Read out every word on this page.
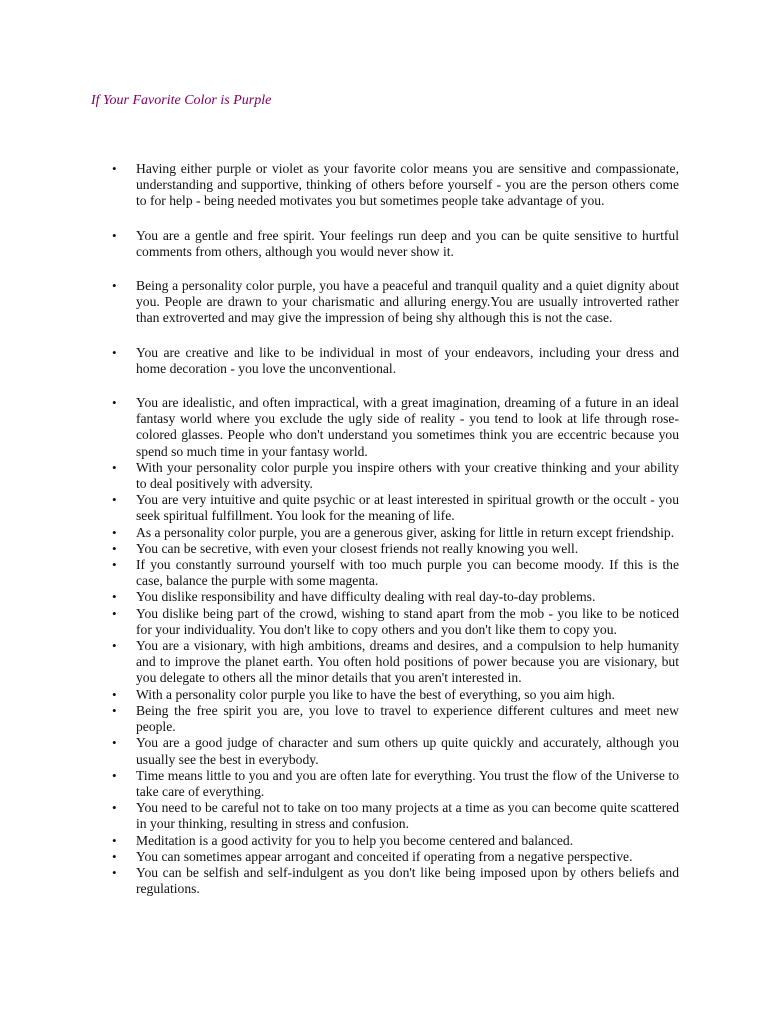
If Your Favorite Color is Purple
• Having either purple or violet as your favorite color means you are sensitive and compassionate, understanding and supportive, thinking of others before yourself - you are the person others come to for help - being needed motivates you but sometimes people take advantage of you.
• You are a gentle and free spirit. Your feelings run deep and you can be quite sensitive to hurtful comments from others, although you would never show it.
• Being a personality color purple, you have a peaceful and tranquil quality and a quiet dignity about you. People are drawn to your charismatic and alluring energy.You are usually introverted rather than extroverted and may give the impression of being shy although this is not the case.
• You are creative and like to be individual in most of your endeavors, including your dress and home decoration - you love the unconventional.
• You are idealistic, and often impractical, with a great imagination, dreaming of a future in an ideal fantasy world where you exclude the ugly side of reality - you tend to look at life through rose-colored glasses. People who don't understand you sometimes think you are eccentric because you spend so much time in your fantasy world.
• With your personality color purple you inspire others with your creative thinking and your ability to deal positively with adversity.
• You are very intuitive and quite psychic or at least interested in spiritual growth or the occult - you seek spiritual fulfillment. You look for the meaning of life.
• As a personality color purple, you are a generous giver, asking for little in return except friendship.
• You can be secretive, with even your closest friends not really knowing you well.
• If you constantly surround yourself with too much purple you can become moody. If this is the case, balance the purple with some magenta.
• You dislike responsibility and have difficulty dealing with real day-to-day problems.
• You dislike being part of the crowd, wishing to stand apart from the mob - you like to be noticed for your individuality. You don't like to copy others and you don't like them to copy you.
• You are a visionary, with high ambitions, dreams and desires, and a compulsion to help humanity and to improve the planet earth. You often hold positions of power because you are visionary, but you delegate to others all the minor details that you aren't interested in.
• With a personality color purple you like to have the best of everything, so you aim high.
• Being the free spirit you are, you love to travel to experience different cultures and meet new people.
• You are a good judge of character and sum others up quite quickly and accurately, although you usually see the best in everybody.
• Time means little to you and you are often late for everything. You trust the flow of the Universe to take care of everything.
• You need to be careful not to take on too many projects at a time as you can become quite scattered in your thinking, resulting in stress and confusion.
• Meditation is a good activity for you to help you become centered and balanced.
• You can sometimes appear arrogant and conceited if operating from a negative perspective.
• You can be selfish and self-indulgent as you don't like being imposed upon by others beliefs and regulations.
